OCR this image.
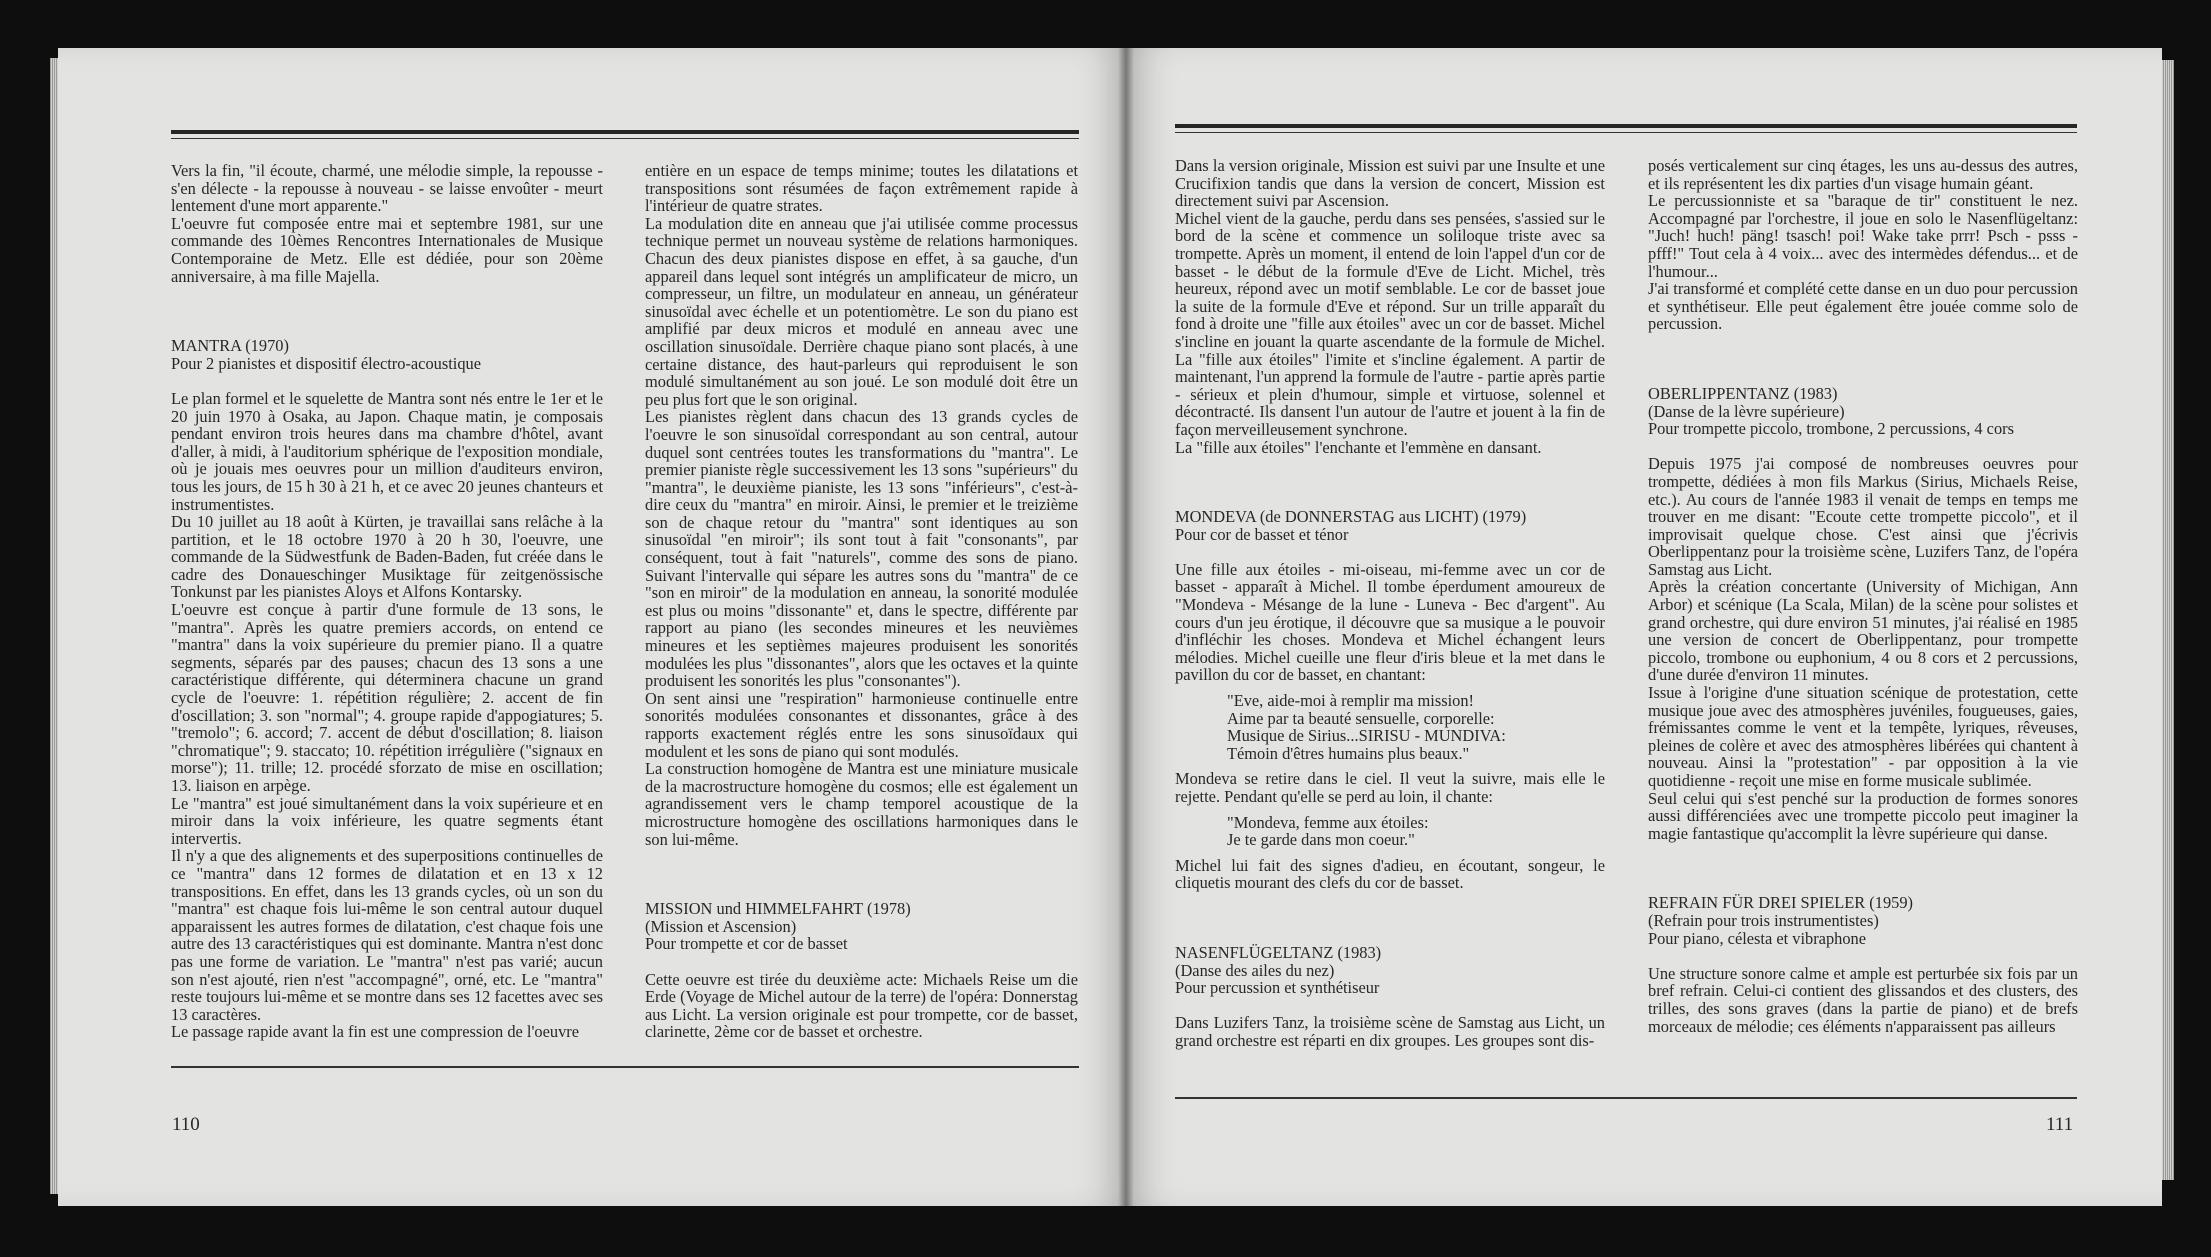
Vers la fin, "il écoute, charmé, une mélodie simple, la repousse - s'en délecte - la repousse à nouveau - se laisse envoûter - meurt lentement d'une mort apparente."

L'oeuvre fut composée entre mai et septembre 1981, sur une commande des 10èmes Rencontres Internationales de Musique Contemporaine de Metz. Elle est dédiée, pour son 20ème anniversaire, à ma fille Majella.

MANTRA (1970)

Pour 2 pianistes et dispositif électro-acoustique

Le plan formel et le squelette de Mantra sont nés entre le 1er et le 20 juin 1970 à Osaka, au Japon. Chaque matin, je composais pendant environ trois heures dans ma chambre d'hôtel, avant d'aller, à midi, à l'auditorium sphérique de l'exposition mondiale, où je jouais mes oeuvres pour un million d'auditeurs environ, tous les jours, de 15 h 30 à 21 h, et ce avec 20 jeunes chanteurs et instrumentistes.

Du 10 juillet au 18 août à Kürten, je travaillai sans relâche à la partition, et le 18 octobre 1970 à 20 h 30, l'oeuvre, une commande de la Südwestfunk de Baden-Baden, fut créée dans le cadre des Donaueschinger Musiktage für zeitgenössische Tonkunst par les pianistes Aloys et Alfons Kontarsky.

L'oeuvre est conçue à partir d'une formule de 13 sons, le "mantra". Après les quatre premiers accords, on entend ce "mantra" dans la voix supérieure du premier piano. Il a quatre segments, séparés par des pauses; chacun des 13 sons a une caractéristique différente, qui déterminera chacune un grand cycle de l'oeuvre: 1. répétition régulière; 2. accent de fin d'oscillation; 3. son "normal"; 4. groupe rapide d'appogiatures; 5. "tremolo"; 6. accord; 7. accent de début d'oscillation; 8. liaison "chromatique"; 9. staccato; 10. répétition irrégulière ("signaux en morse"); 11. trille; 12. procédé sforzato de mise en oscillation; 13. liaison en arpège.

Le "mantra" est joué simultanément dans la voix supérieure et en miroir dans la voix inférieure, les quatre segments étant intervertis.

Il n'y a que des alignements et des superpositions continuelles de ce "mantra" dans 12 formes de dilatation et en 13 x 12 transpositions. En effet, dans les 13 grands cycles, où un son du "mantra" est chaque fois lui-même le son central autour duquel apparaissent les autres formes de dilatation, c'est chaque fois une autre des 13 caractéristiques qui est dominante. Mantra n'est donc pas une forme de variation. Le "mantra" n'est pas varié; aucun son n'est ajouté, rien n'est "accompagné", orné, etc. Le "mantra" reste toujours lui-même et se montre dans ses 12 facettes avec ses 13 caractères.

Le passage rapide avant la fin est une compression de l'oeuvre

entière en un espace de temps minime; toutes les dilatations et transpositions sont résumées de façon extrêmement rapide à l'intérieur de quatre strates.

La modulation dite en anneau que j'ai utilisée comme processus technique permet un nouveau système de relations harmoniques. Chacun des deux pianistes dispose en effet, à sa gauche, d'un appareil dans lequel sont intégrés un amplificateur de micro, un compresseur, un filtre, un modulateur en anneau, un générateur sinusoïdal avec échelle et un potentiomètre. Le son du piano est amplifié par deux micros et modulé en anneau avec une oscillation sinusoïdale. Derrière chaque piano sont placés, à une certaine distance, des haut-parleurs qui reproduisent le son modulé simultanément au son joué. Le son modulé doit être un peu plus fort que le son original.

Les pianistes règlent dans chacun des 13 grands cycles de l'oeuvre le son sinusoïdal correspondant au son central, autour duquel sont centrées toutes les transformations du "mantra". Le premier pianiste règle successivement les 13 sons "supérieurs" du "mantra", le deuxième pianiste, les 13 sons "inférieurs", c'est-à-dire ceux du "mantra" en miroir. Ainsi, le premier et le treizième son de chaque retour du "mantra" sont identiques au son sinusoïdal "en miroir"; ils sont tout à fait "consonants", par conséquent, tout à fait "naturels", comme des sons de piano. Suivant l'intervalle qui sépare les autres sons du "mantra" de ce "son en miroir" de la modulation en anneau, la sonorité modulée est plus ou moins "dissonante" et, dans le spectre, différente par rapport au piano (les secondes mineures et les neuvièmes mineures et les septièmes majeures produisent les sonorités modulées les plus "dissonantes", alors que les octaves et la quinte produisent les sonorités les plus "consonantes").

On sent ainsi une "respiration" harmonieuse continuelle entre sonorités modulées consonantes et dissonantes, grâce à des rapports exactement réglés entre les sons sinusoïdaux qui modulent et les sons de piano qui sont modulés.

La construction homogène de Mantra est une miniature musicale de la macrostructure homogène du cosmos; elle est également un agrandissement vers le champ temporel acoustique de la microstructure homogène des oscillations harmoniques dans le son lui-même.

MISSION und HIMMELFAHRT (1978)

(Mission et Ascension)

Pour trompette et cor de basset

Cette oeuvre est tirée du deuxième acte: Michaels Reise um die Erde (Voyage de Michel autour de la terre) de l'opéra: Donnerstag aus Licht. La version originale est pour trompette, cor de basset, clarinette, 2ème cor de basset et orchestre.

Dans la version originale, Mission est suivi par une Insulte et une Crucifixion tandis que dans la version de concert, Mission est directement suivi par Ascension.

Michel vient de la gauche, perdu dans ses pensées, s'assied sur le bord de la scène et commence un soliloque triste avec sa trompette. Après un moment, il entend de loin l'appel d'un cor de basset - le début de la formule d'Eve de Licht. Michel, très heureux, répond avec un motif semblable. Le cor de basset joue la suite de la formule d'Eve et répond. Sur un trille apparaît du fond à droite une "fille aux étoiles" avec un cor de basset. Michel s'incline en jouant la quarte ascendante de la formule de Michel. La "fille aux étoiles" l'imite et s'incline également. A partir de maintenant, l'un apprend la formule de l'autre - partie après partie - sérieux et plein d'humour, simple et virtuose, solennel et décontracté. Ils dansent l'un autour de l'autre et jouent à la fin de façon merveilleusement synchrone.

La "fille aux étoiles" l'enchante et l'emmène en dansant.

MONDEVA (de DONNERSTAG aus LICHT) (1979)

Pour cor de basset et ténor

Une fille aux étoiles - mi-oiseau, mi-femme avec un cor de basset - apparaît à Michel. Il tombe éperdument amoureux de "Mondeva - Mésange de la lune - Luneva - Bec d'argent". Au cours d'un jeu érotique, il découvre que sa musique a le pouvoir d'infléchir les choses. Mondeva et Michel échangent leurs mélodies. Michel cueille une fleur d'iris bleue et la met dans le pavillon du cor de basset, en chantant:

"Eve, aide-moi à remplir ma mission!

Aime par ta beauté sensuelle, corporelle:

Musique de Sirius...SIRISU - MUNDIVA:

Témoin d'êtres humains plus beaux."

Mondeva se retire dans le ciel. Il veut la suivre, mais elle le rejette. Pendant qu'elle se perd au loin, il chante:

"Mondeva, femme aux étoiles:

Je te garde dans mon coeur."

Michel lui fait des signes d'adieu, en écoutant, songeur, le cliquetis mourant des clefs du cor de basset.

NASENFLÜGELTANZ (1983)

(Danse des ailes du nez)

Pour percussion et synthétiseur

Dans Luzifers Tanz, la troisième scène de Samstag aus Licht, un grand orchestre est réparti en dix groupes. Les groupes sont dis-

posés verticalement sur cinq étages, les uns au-dessus des autres, et ils représentent les dix parties d'un visage humain géant.

Le percussionniste et sa "baraque de tir" constituent le nez. Accompagné par l'orchestre, il joue en solo le Nasenflügeltanz: "Juch! huch! päng! tsasch! poi! Wake take prrr! Psch - psss - pfff!" Tout cela à 4 voix... avec des intermèdes défendus... et de l'humour...

J'ai transformé et complété cette danse en un duo pour percussion et synthétiseur. Elle peut également être jouée comme solo de percussion.

OBERLIPPENTANZ (1983)

(Danse de la lèvre supérieure)

Pour trompette piccolo, trombone, 2 percussions, 4 cors

Depuis 1975 j'ai composé de nombreuses oeuvres pour trompette, dédiées à mon fils Markus (Sirius, Michaels Reise, etc.). Au cours de l'année 1983 il venait de temps en temps me trouver en me disant: "Ecoute cette trompette piccolo", et il improvisait quelque chose. C'est ainsi que j'écrivis Oberlippentanz pour la troisième scène, Luzifers Tanz, de l'opéra Samstag aus Licht.

Après la création concertante (University of Michigan, Ann Arbor) et scénique (La Scala, Milan) de la scène pour solistes et grand orchestre, qui dure environ 51 minutes, j'ai réalisé en 1985 une version de concert de Oberlippentanz, pour trompette piccolo, trombone ou euphonium, 4 ou 8 cors et 2 percussions, d'une durée d'environ 11 minutes.

Issue à l'origine d'une situation scénique de protestation, cette musique joue avec des atmosphères juvéniles, fougueuses, gaies, frémissantes comme le vent et la tempête, lyriques, rêveuses, pleines de colère et avec des atmosphères libérées qui chantent à nouveau. Ainsi la "protestation" - par opposition à la vie quotidienne - reçoit une mise en forme musicale sublimée.

Seul celui qui s'est penché sur la production de formes sonores aussi différenciées avec une trompette piccolo peut imaginer la magie fantastique qu'accomplit la lèvre supérieure qui danse.

REFRAIN FÜR DREI SPIELER (1959)

(Refrain pour trois instrumentistes)

Pour piano, célesta et vibraphone

Une structure sonore calme et ample est perturbée six fois par un bref refrain. Celui-ci contient des glissandos et des clusters, des trilles, des sons graves (dans la partie de piano) et de brefs morceaux de mélodie; ces éléments n'apparaissent pas ailleurs

110	111
